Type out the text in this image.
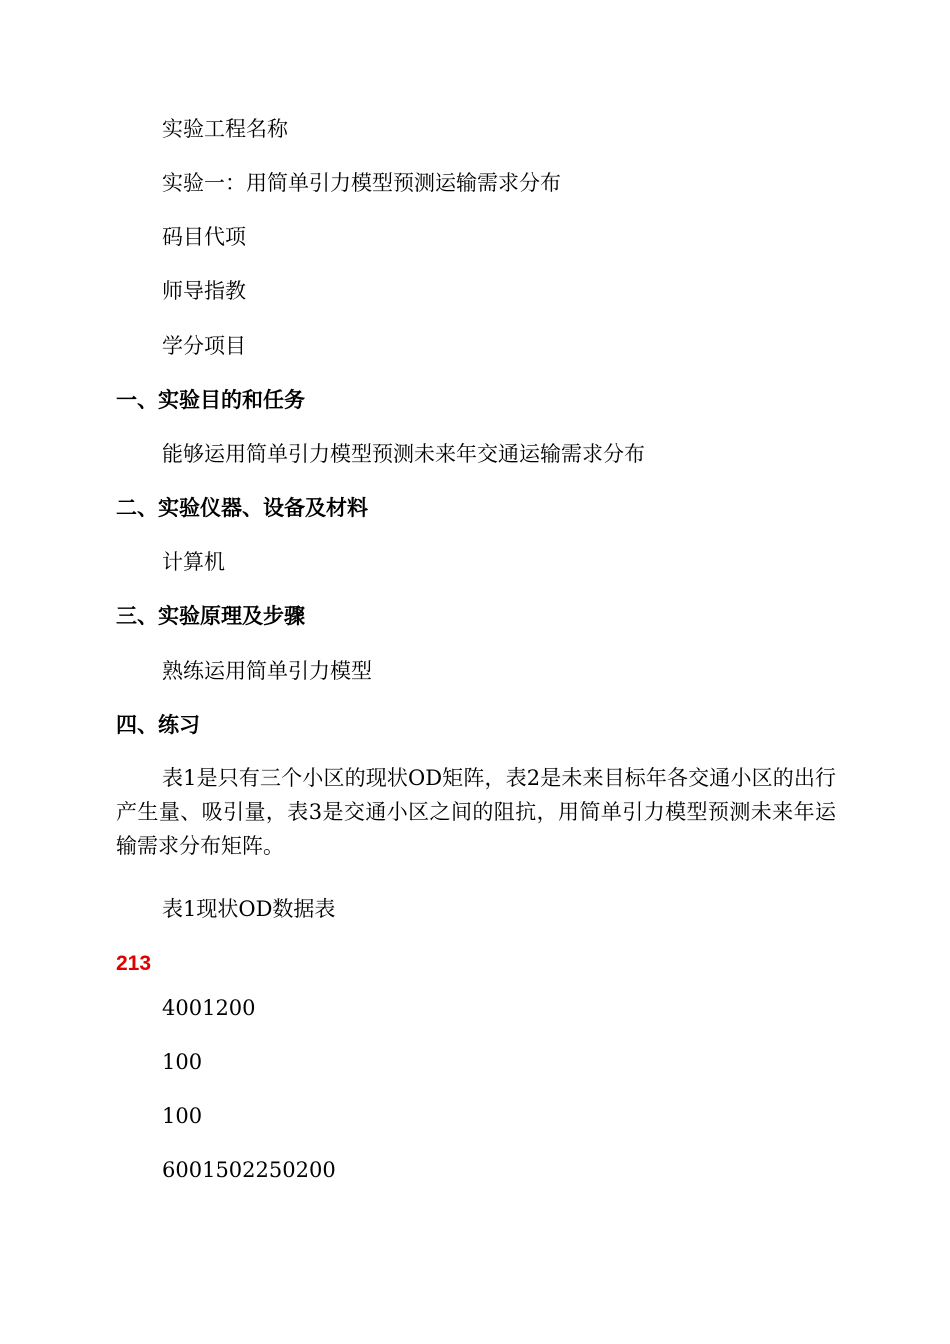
实验工程名称
实验一：用简单引力模型预测运输需求分布
码目代项
师导指教
学分项目
一、实验目的和任务
能够运用简单引力模型预测未来年交通运输需求分布
二、实验仪器、设备及材料
计算机
三、实验原理及步骤
熟练运用简单引力模型
四、练习
表1是只有三个小区的现状OD矩阵，表2是未来目标年各交通小区的出行产生量、吸引量，表3是交通小区之间的阻抗，用简单引力模型预测未来年运输需求分布矩阵。
表1现状OD数据表
213
4001200
100
100
6001502250200
